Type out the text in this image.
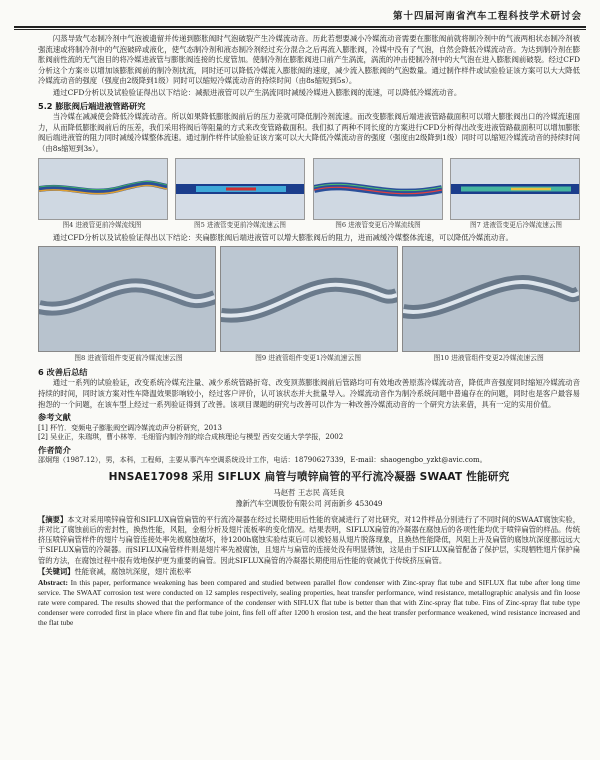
第十四届河南省汽车工程科技学术研讨会

闪蒸导致气态制冷剂中气泡被遗留并传递到膨胀阀时气泡破裂产生冷媒流动音。历此若想要减小冷媒流动音需要在膨胀阀前就将制冷剂中的气液两相状态制冷剂被强流速或将制冷剂中的气泡破碎或液化，使气态制冷剂和液态制冷剂经过充分混合之后再流入膨胀阀，冷媒中没有了气泡，自然会降低冷媒流动音。为达到制冷剂在膨胀阀前性流的无气泡目的将冷媒进液管与膨胀阀连接的长度管加。使制冷剂在膨胀阀进口前产生涡流，涡流的冲击使制冷剂中的大气泡在进入膨胀阀前破裂。经过CFD分析这个方案※以增加该膨胀阀前的制冷剂扰流，同时还可以降低冷媒流入膨胀阀的速度，减少流入膨胀阀的气泡数量。通过制作样件或试验验证该方案可以大大降低冷媒流动音的强度（强度由2级降到1级）同时可以缩短冷媒流动音的持续时间（由8s缩短到5s）。

通过CFD分析以及试验验证得出以下结论：减振进液管可以产生涡流同时减缓冷媒进入膨胀阀的流速，可以降低冷媒流动音。

5.2 膨胀阀后端进液管路研究

当冷媒在减减使会降低冷媒流动音。所以如果降低膨胀阀前后的压力差就可降低制冷剂流速。而改变膨胀阀后端进液管路截面积可以增大膨胀阀出口的冷媒流速面力，从而降低膨胀阀前后的压差，我们采用将阀后等阻量的方式来改变管路截面积。我们拟了两种不同长度的方案进行CFD分析得出改变进液管路截面积可以增加膨胀阀后端进液管的阻力同时减缓冷媒整体流速。通过制作样件试验验证该方案可以大大降低冷媒流动音的强度（强度由2级降到1级）同时可以缩短冷媒流动音的持续时间（由8s缩短到3s）。

图4 进液管更前冷媒流线图	图5 进液管变更前冷媒流速云图	图6 进液管变更后冷媒流线图	图7 进液管变更后冷媒流速云图

通过CFD分析以及试验验证得出以下结论：夹扁膨胀阀后端进液管可以增大膨胀阀后的阻力，进而减缓冷媒整体流速，可以降低冷媒流动音。

图8 进液管组件变更前冷媒流速云图	图9 进液管组件变更1冷媒流速云图	图10 进液管组件变更2冷媒流速云图
6 改善后总结

通过一系列的试验验证，改变系统冷媒充注量、减少系统管路折弯、改变顶蒸膨胀阀前后管路均可有效地改善原蒸冷媒流动音，降低声音强度同时缩短冷媒流动音持续的时间，同时该方案对性车降温效果影响较小，经过客户评价，认可该状态并大批量导入。冷媒流动音作为制冷系统问题中普遍存在的问题，同时也是客户最容易抱怨的一个问题，在该车型上经过一系列验证得到了改善。该项目课题的研究与改善可以作为一种改善冷媒流动音的一个研究方法来借，具有一定的实用价值。

参考文献
[1] 杯竹．变频电子膨胀阀空调冷媒流动声分析研究，2013
[2] 吴业正，朱瑞琪，曹小林等．毛细管内制冷剂的综合成核理论与模型 西安交通大学学报，2002
作者简介
邵炯翔（1987.12），男，本科，工程师，主要从事汽车空调系统设计工作，电话：18790627339，E-mail：shaogengbo_yzkt@avic.com。
HNSAE17098 采用 SIFLUX 扁管与喷锌扁管的平行流冷凝器 SWAAT 性能研究
马赵哲 王志民 高廷良
豫新汽车空调股份有限公司 河南新乡 453049

【摘要】本文对采用喷锌扁管和SIFLUX扁管扁管的平行流冷凝器在经过长期使用后性能的衰减进行了对比研究，对12件样品分别进行了不同时间的SWAAT腐蚀实验，并对比了腐蚀前后的密封性，换热性能，风阻，金相分析及翅片流板率的变化情况。结果表明，SIFLUX扁管的冷凝器在腐蚀后的各项性能均优于喷锌扁管的样品。传统挤压喷锌扁管样件的翅片与扁管连接处率先被腐蚀破坏，待1200h腐蚀实验结束后可以被轻易从翅片脱落现象，且换热性能降低，风阻上升及扁管的腐蚀坑深度都远远大于SIFLUX扁管的冷凝器。而SIFLUX扁管样件则是翅片率先被腐蚀，且翅片与扁管的连接处没有明显锈蚀，这是由于SIFLUX扁管配备了保护层，实现牺牲翅片保护扁管的方法，在腐蚀过程中很有效地保护更为重要的扁管。因此SIFLUX扁管的冷凝器长期使用后性能的衰减优于传统挤压扁管。

【关键词】性能衰减，腐蚀坑深度，翅片流松率

Abstract: In this paper, performance weakening has been compared and studied between parallel flow condenser with Zinc-spray flat tube and SIFLUX flat tube after long time service. The SWAAT corrosion test were conducted on 12 samples respectively, sealing properties, heat transfer performance, wind resistance, metallographic analysis and fin loose rate were compared. The results showed that the performance of the condenser with SIFLUX flat tube is better than that with Zinc-spray flat tube. Fins of Zinc-spray flat tube type condenser were corroded first in place where fin and flat tube joint, fins fell off after 1200 h erosion test, and the heat transfer performance weakened, wind resistance increased and the flat tube
